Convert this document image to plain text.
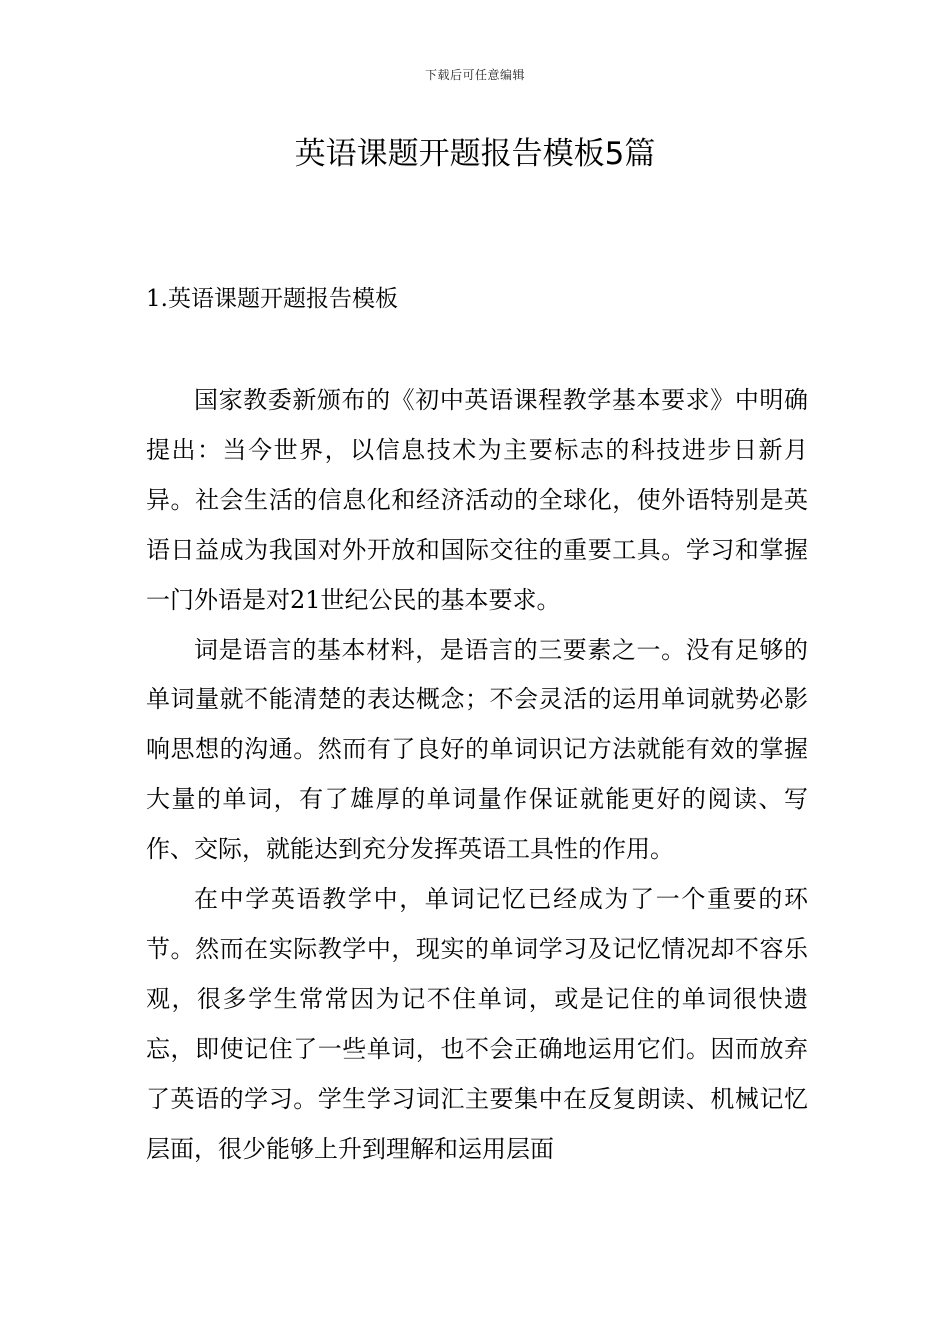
下载后可任意编辑
英语课题开题报告模板5篇
1.英语课题开题报告模板

国家教委新颁布的《初中英语课程教学基本要求》中明确提出：当今世界，以信息技术为主要标志的科技进步日新月异。社会生活的信息化和经济活动的全球化，使外语特别是英语日益成为我国对外开放和国际交往的重要工具。学习和掌握一门外语是对21世纪公民的基本要求。

词是语言的基本材料，是语言的三要素之一。没有足够的单词量就不能清楚的表达概念；不会灵活的运用单词就势必影响思想的沟通。然而有了良好的单词识记方法就能有效的掌握大量的单词，有了雄厚的单词量作保证就能更好的阅读、写作、交际，就能达到充分发挥英语工具性的作用。

在中学英语教学中，单词记忆已经成为了一个重要的环节。然而在实际教学中，现实的单词学习及记忆情况却不容乐观，很多学生常常因为记不住单词，或是记住的单词很快遗忘，即使记住了一些单词，也不会正确地运用它们。因而放弃了英语的学习。学生学习词汇主要集中在反复朗读、机械记忆层面，很少能够上升到理解和运用层面
